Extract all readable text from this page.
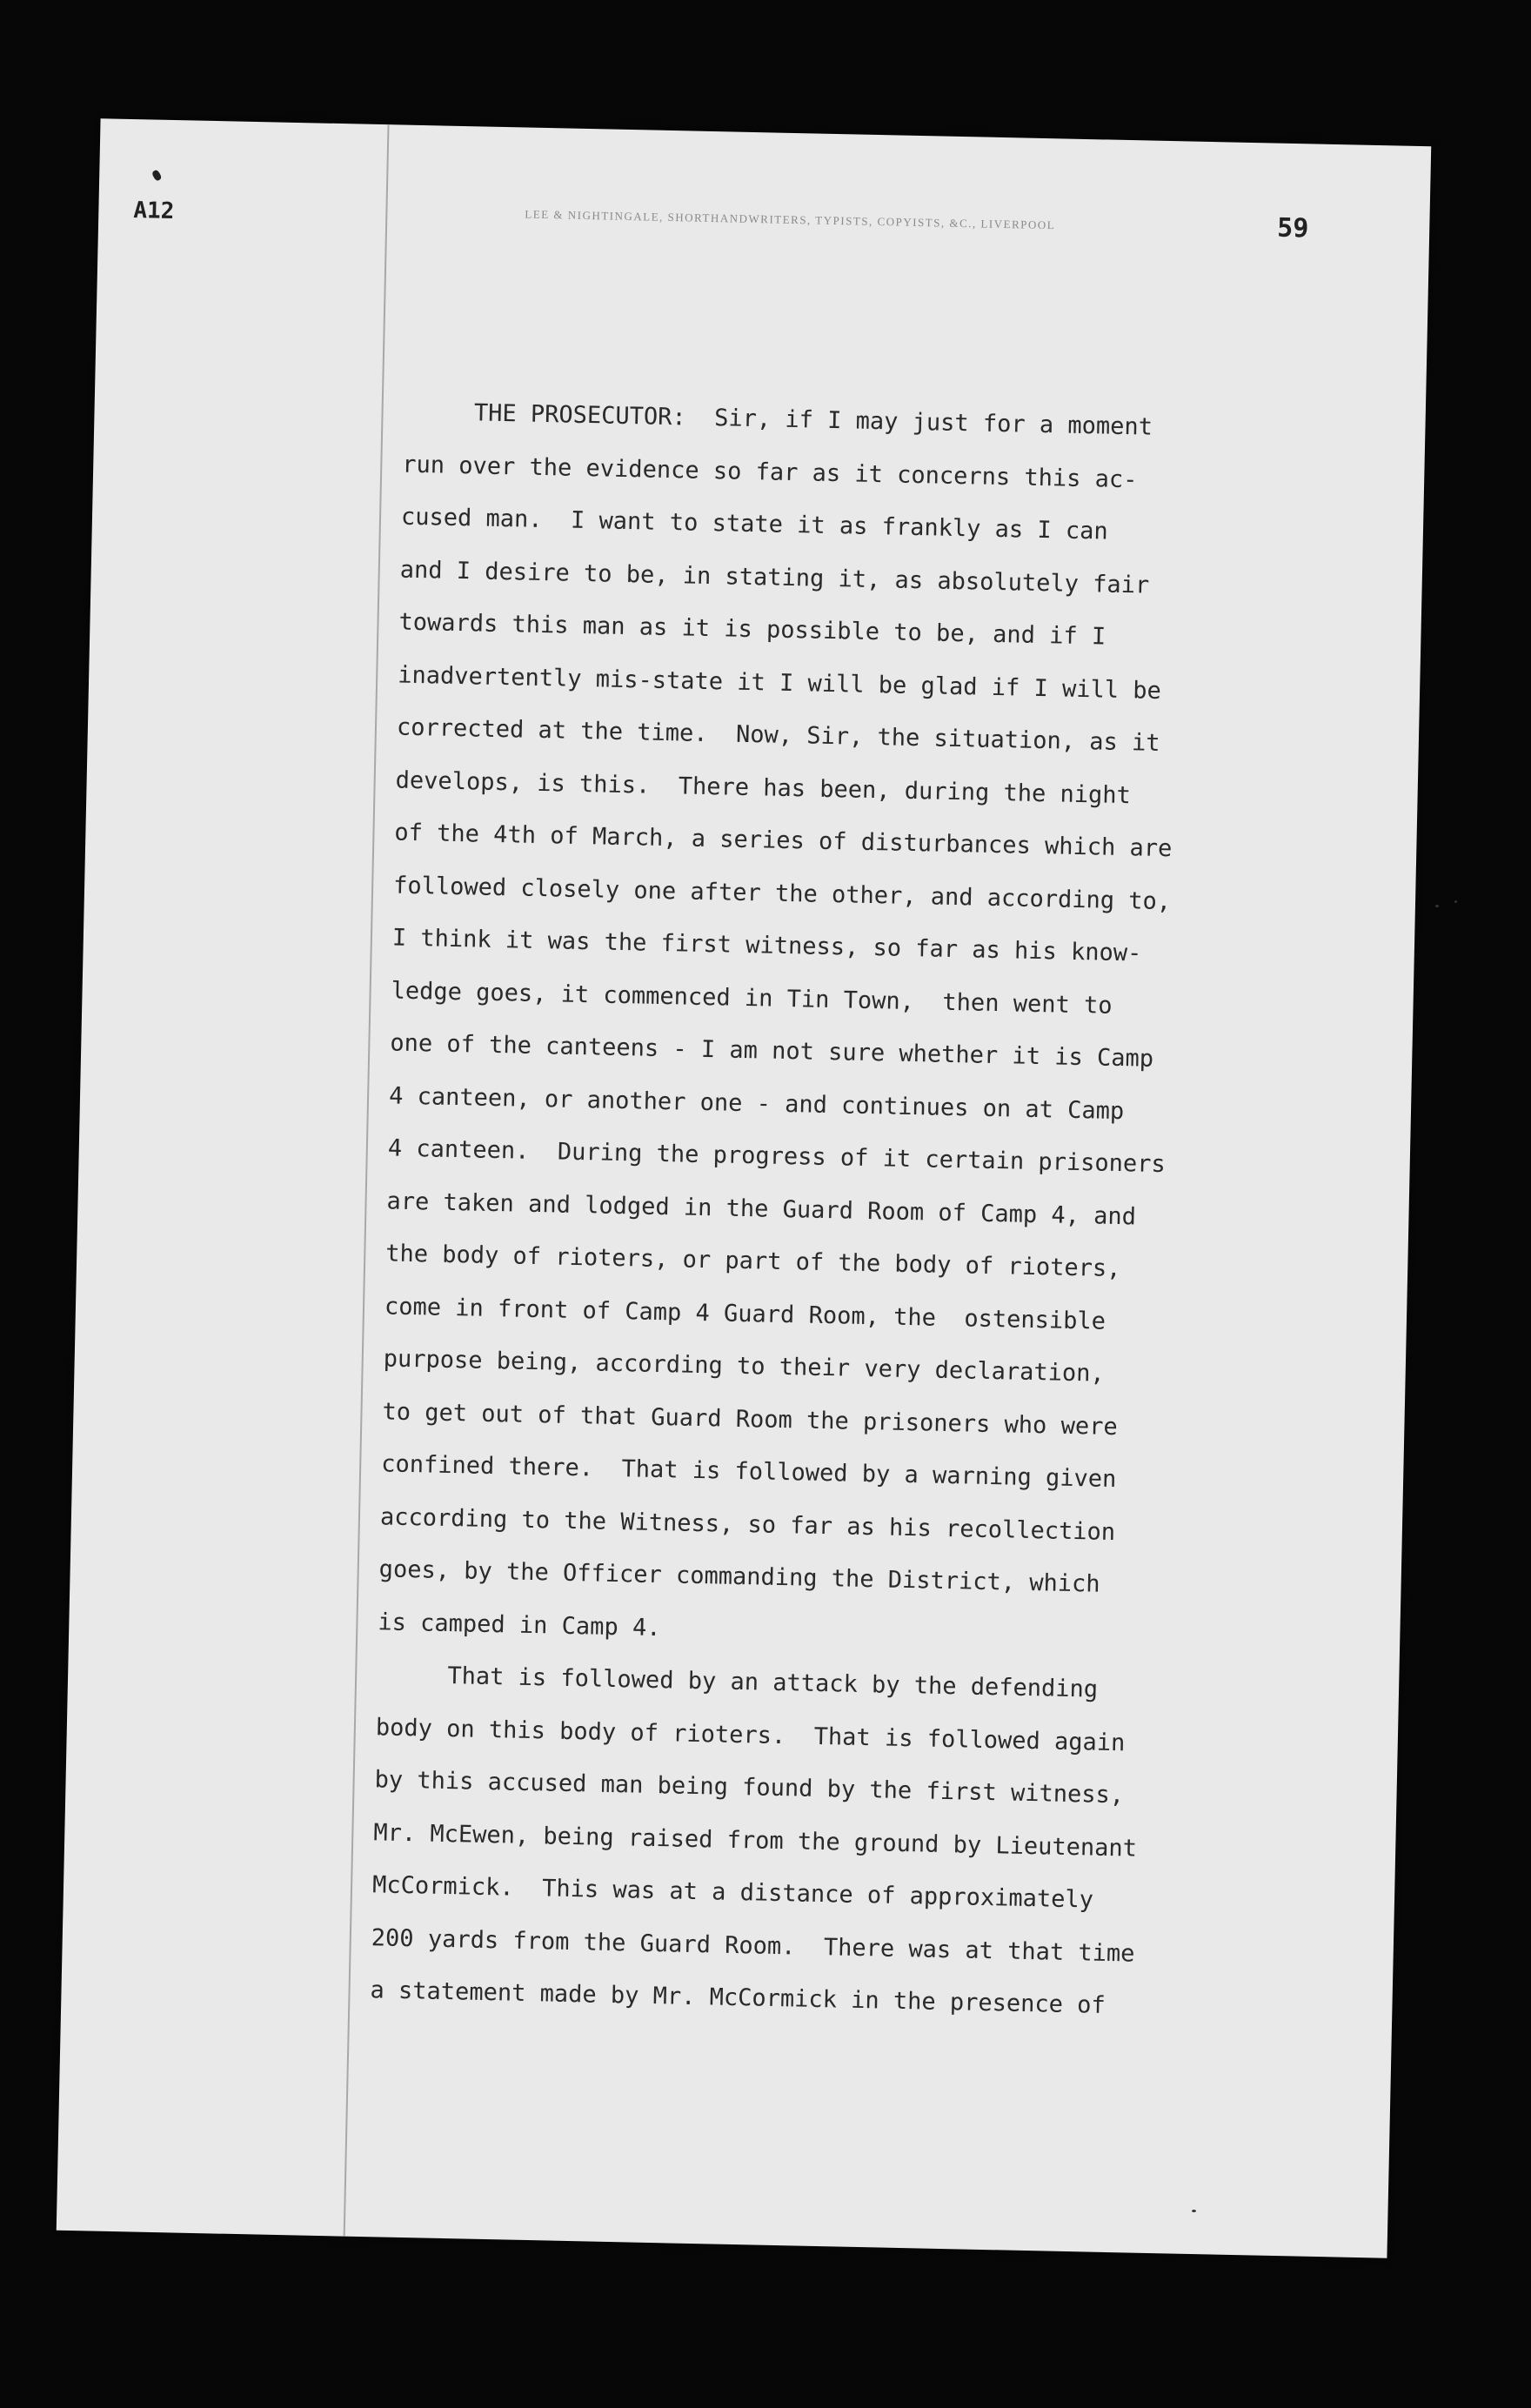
A12	LEE & NIGHTINGALE, SHORTHANDWRITERS, TYPISTS, COPYISTS, &C., LIVERPOOL	59
THE PROSECUTOR:  Sir, if I may just for a moment
run over the evidence so far as it concerns this ac-
cused man.  I want to state it as frankly as I can
and I desire to be, in stating it, as absolutely fair
towards this man as it is possible to be, and if I
inadvertently mis-state it I will be glad if I will be
corrected at the time.  Now, Sir, the situation, as it
develops, is this.  There has been, during the night
of the 4th of March, a series of disturbances which are
followed closely one after the other, and according to,
I think it was the first witness, so far as his know-
ledge goes, it commenced in Tin Town,  then went to
one of the canteens - I am not sure whether it is Camp
4 canteen, or another one - and continues on at Camp
4 canteen.  During the progress of it certain prisoners
are taken and lodged in the Guard Room of Camp 4, and
the body of rioters, or part of the body of rioters,
come in front of Camp 4 Guard Room, the  ostensible
purpose being, according to their very declaration,
to get out of that Guard Room the prisoners who were
confined there.  That is followed by a warning given
according to the Witness, so far as his recollection
goes, by the Officer commanding the District, which
is camped in Camp 4.
That is followed by an attack by the defending
body on this body of rioters.  That is followed again
by this accused man being found by the first witness,
Mr. McEwen, being raised from the ground by Lieutenant
McCormick.  This was at a distance of approximately
200 yards from the Guard Room.  There was at that time
a statement made by Mr. McCormick in the presence of
